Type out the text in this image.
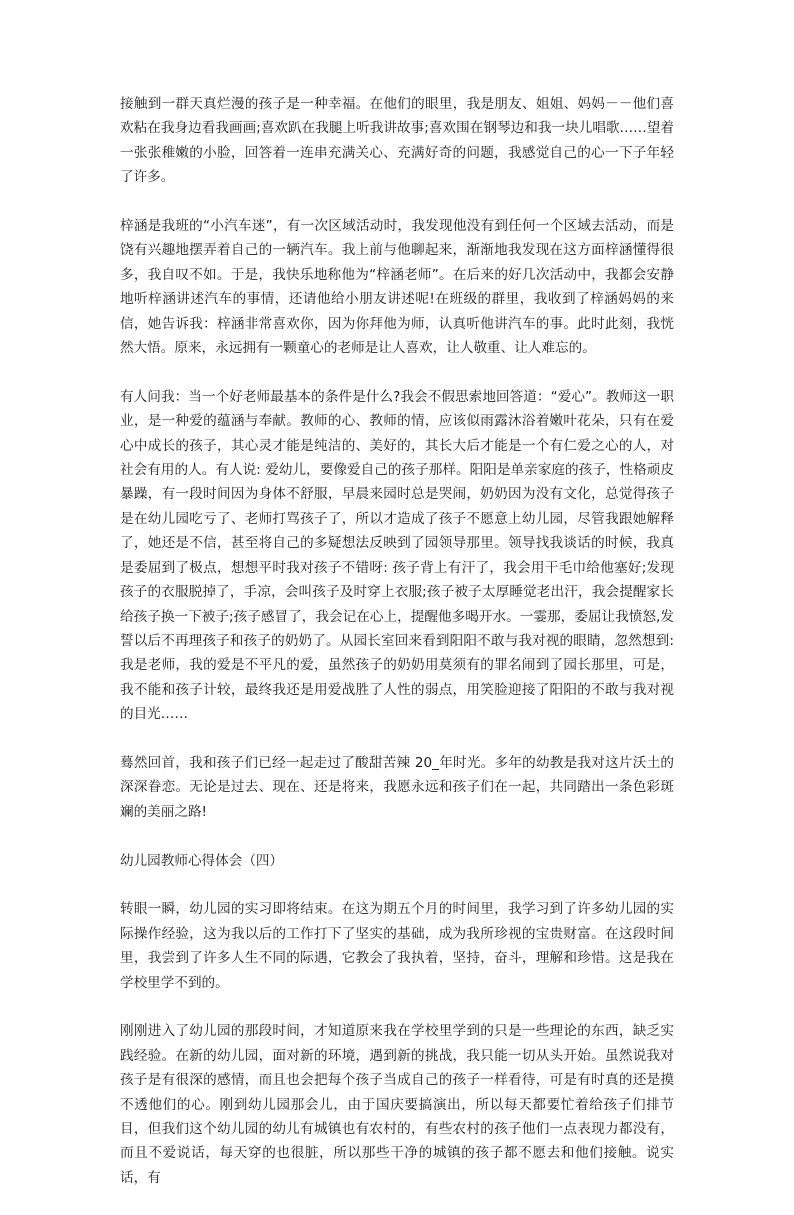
接触到一群天真烂漫的孩子是一种幸福。在他们的眼里，我是朋友、姐姐、妈妈－－他们喜欢粘在我身边看我画画;喜欢趴在我腿上听我讲故事;喜欢围在钢琴边和我一块儿唱歌……望着一张张稚嫩的小脸，回答着一连串充满关心、充满好奇的问题，我感觉自己的心一下子年轻了许多。

梓涵是我班的“小汽车迷”，有一次区域活动时，我发现他没有到任何一个区域去活动，而是饶有兴趣地摆弄着自己的一辆汽车。我上前与他聊起来，渐渐地我发现在这方面梓涵懂得很多，我自叹不如。于是，我快乐地称他为“梓涵老师”。在后来的好几次活动中，我都会安静地听梓涵讲述汽车的事情，还请他给小朋友讲述呢!在班级的群里，我收到了梓涵妈妈的来信，她告诉我：梓涵非常喜欢你，因为你拜他为师，认真听他讲汽车的事。此时此刻，我恍然大悟。原来，永远拥有一颗童心的老师是让人喜欢，让人敬重、让人难忘的。

有人问我：当一个好老师最基本的条件是什么?我会不假思索地回答道：“爱心”。教师这一职业，是一种爱的蕴涵与奉献。教师的心、教师的情，应该似雨露沐浴着嫩叶花朵，只有在爱心中成长的孩子，其心灵才能是纯洁的、美好的，其长大后才能是一个有仁爱之心的人，对社会有用的人。有人说: 爱幼儿，要像爱自己的孩子那样。阳阳是单亲家庭的孩子，性格顽皮暴躁，有一段时间因为身体不舒服，早晨来园时总是哭闹，奶奶因为没有文化，总觉得孩子是在幼儿园吃亏了、老师打骂孩子了，所以才造成了孩子不愿意上幼儿园，尽管我跟她解释了，她还是不信，甚至将自己的多疑想法反映到了园领导那里。领导找我谈话的时候，我真是委屈到了极点，想想平时我对孩子不错呀: 孩子背上有汗了，我会用干毛巾给他塞好;发现孩子的衣服脱掉了，手凉，会叫孩子及时穿上衣服;孩子被子太厚睡觉老出汗，我会提醒家长给孩子换一下被子;孩子感冒了，我会记在心上，提醒他多喝开水。一霎那，委屈让我愤怒,发誓以后不再理孩子和孩子的奶奶了。从园长室回来看到阳阳不敢与我对视的眼睛，忽然想到: 我是老师，我的爱是不平凡的爱，虽然孩子的奶奶用莫须有的罪名闹到了园长那里，可是，我不能和孩子计较，最终我还是用爱战胜了人性的弱点，用笑脸迎接了阳阳的不敢与我对视的目光……

蓦然回首，我和孩子们已经一起走过了酸甜苦辣 20_年时光。多年的幼教是我对这片沃土的深深眷恋。无论是过去、现在、还是将来，我愿永远和孩子们在一起，共同踏出一条色彩斑斓的美丽之路!

幼儿园教师心得体会（四）

转眼一瞬，幼儿园的实习即将结束。在这为期五个月的时间里，我学习到了许多幼儿园的实际操作经验，这为我以后的工作打下了坚实的基础，成为我所珍视的宝贵财富。在这段时间里，我尝到了许多人生不同的际遇，它教会了我执着，坚持，奋斗，理解和珍惜。这是我在学校里学不到的。

刚刚进入了幼儿园的那段时间，才知道原来我在学校里学到的只是一些理论的东西，缺乏实践经验。在新的幼儿园，面对新的环境，遇到新的挑战，我只能一切从头开始。虽然说我对孩子是有很深的感情，而且也会把每个孩子当成自己的孩子一样看待，可是有时真的还是摸不透他们的心。刚到幼儿园那会儿，由于国庆要搞演出，所以每天都要忙着给孩子们排节目，但我们这个幼儿园的幼儿有城镇也有农村的，有些农村的孩子他们一点表现力都没有，而且不爱说话，每天穿的也很脏，所以那些干净的城镇的孩子都不愿去和他们接触。说实话，有
